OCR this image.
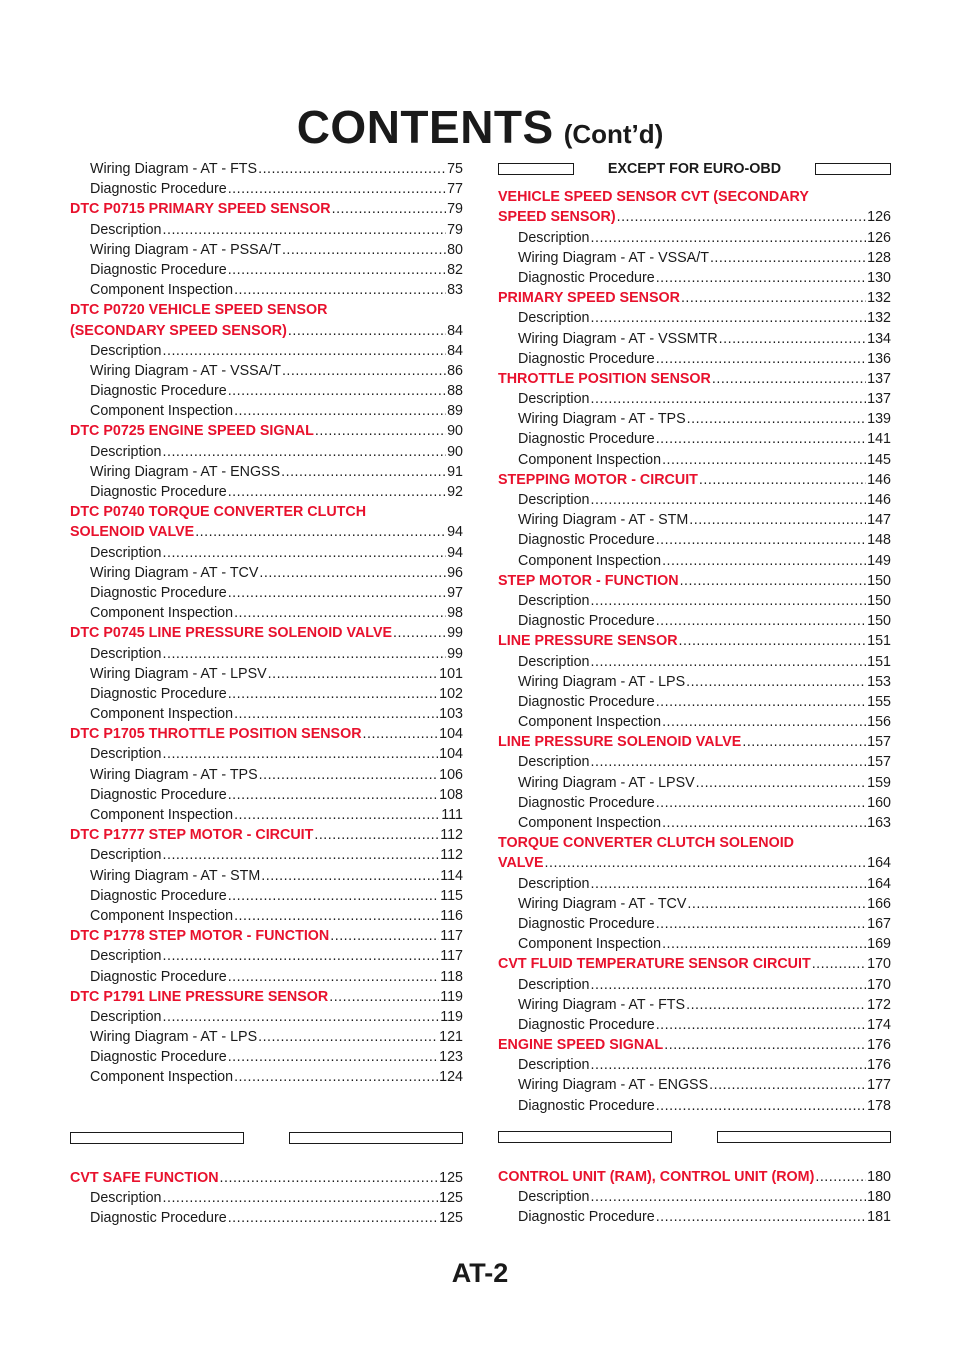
CONTENTS (Cont’d)
Wiring Diagram - AT - FTS .....	75
Diagnostic Procedure .....	77
DTC P0715 PRIMARY SPEED SENSOR .....	79
Description .....	79
Wiring Diagram - AT - PSSA/T .....	80
Diagnostic Procedure .....	82
Component Inspection .....	83
DTC P0720 VEHICLE SPEED SENSOR
(SECONDARY SPEED SENSOR) .....	84
Description .....	84
Wiring Diagram - AT - VSSA/T .....	86
Diagnostic Procedure .....	88
Component Inspection .....	89
DTC P0725 ENGINE SPEED SIGNAL .....	90
Description .....	90
Wiring Diagram - AT - ENGSS .....	91
Diagnostic Procedure .....	92
DTC P0740 TORQUE CONVERTER CLUTCH
SOLENOID VALVE .....	94
Description .....	94
Wiring Diagram - AT - TCV .....	96
Diagnostic Procedure .....	97
Component Inspection .....	98
DTC P0745 LINE PRESSURE SOLENOID VALVE .....	99
Description .....	99
Wiring Diagram - AT - LPSV .....	101
Diagnostic Procedure .....	102
Component Inspection .....	103
DTC P1705 THROTTLE POSITION SENSOR .....	104
Description .....	104
Wiring Diagram - AT - TPS .....	106
Diagnostic Procedure .....	108
Component Inspection .....	111
DTC P1777 STEP MOTOR - CIRCUIT .....	112
Description .....	112
Wiring Diagram - AT - STM .....	114
Diagnostic Procedure .....	115
Component Inspection .....	116
DTC P1778 STEP MOTOR - FUNCTION .....	117
Description .....	117
Diagnostic Procedure .....	118
DTC P1791 LINE PRESSURE SENSOR .....	119
Description .....	119
Wiring Diagram - AT - LPS .....	121
Diagnostic Procedure .....	123
Component Inspection .....	124
CVT SAFE FUNCTION .....	125
Description .....	125
Diagnostic Procedure .....	125
EXCEPT FOR EURO-OBD
VEHICLE SPEED SENSOR CVT (SECONDARY
SPEED SENSOR) .....	126
Description .....	126
Wiring Diagram - AT - VSSA/T .....	128
Diagnostic Procedure .....	130
PRIMARY SPEED SENSOR .....	132
Description .....	132
Wiring Diagram - AT - VSSMTR .....	134
Diagnostic Procedure .....	136
THROTTLE POSITION SENSOR .....	137
Description .....	137
Wiring Diagram - AT - TPS .....	139
Diagnostic Procedure .....	141
Component Inspection .....	145
STEPPING MOTOR - CIRCUIT .....	146
Description .....	146
Wiring Diagram - AT - STM .....	147
Diagnostic Procedure .....	148
Component Inspection .....	149
STEP MOTOR - FUNCTION .....	150
Description .....	150
Diagnostic Procedure .....	150
LINE PRESSURE SENSOR .....	151
Description .....	151
Wiring Diagram - AT - LPS .....	153
Diagnostic Procedure .....	155
Component Inspection .....	156
LINE PRESSURE SOLENOID VALVE .....	157
Description .....	157
Wiring Diagram - AT - LPSV .....	159
Diagnostic Procedure .....	160
Component Inspection .....	163
TORQUE CONVERTER CLUTCH SOLENOID
VALVE .....	164
Description .....	164
Wiring Diagram - AT - TCV .....	166
Diagnostic Procedure .....	167
Component Inspection .....	169
CVT FLUID TEMPERATURE SENSOR CIRCUIT .....	170
Description .....	170
Wiring Diagram - AT - FTS .....	172
Diagnostic Procedure .....	174
ENGINE SPEED SIGNAL .....	176
Description .....	176
Wiring Diagram - AT - ENGSS .....	177
Diagnostic Procedure .....	178
CONTROL UNIT (RAM), CONTROL UNIT (ROM) .....	180
Description .....	180
Diagnostic Procedure .....	181
AT-2
